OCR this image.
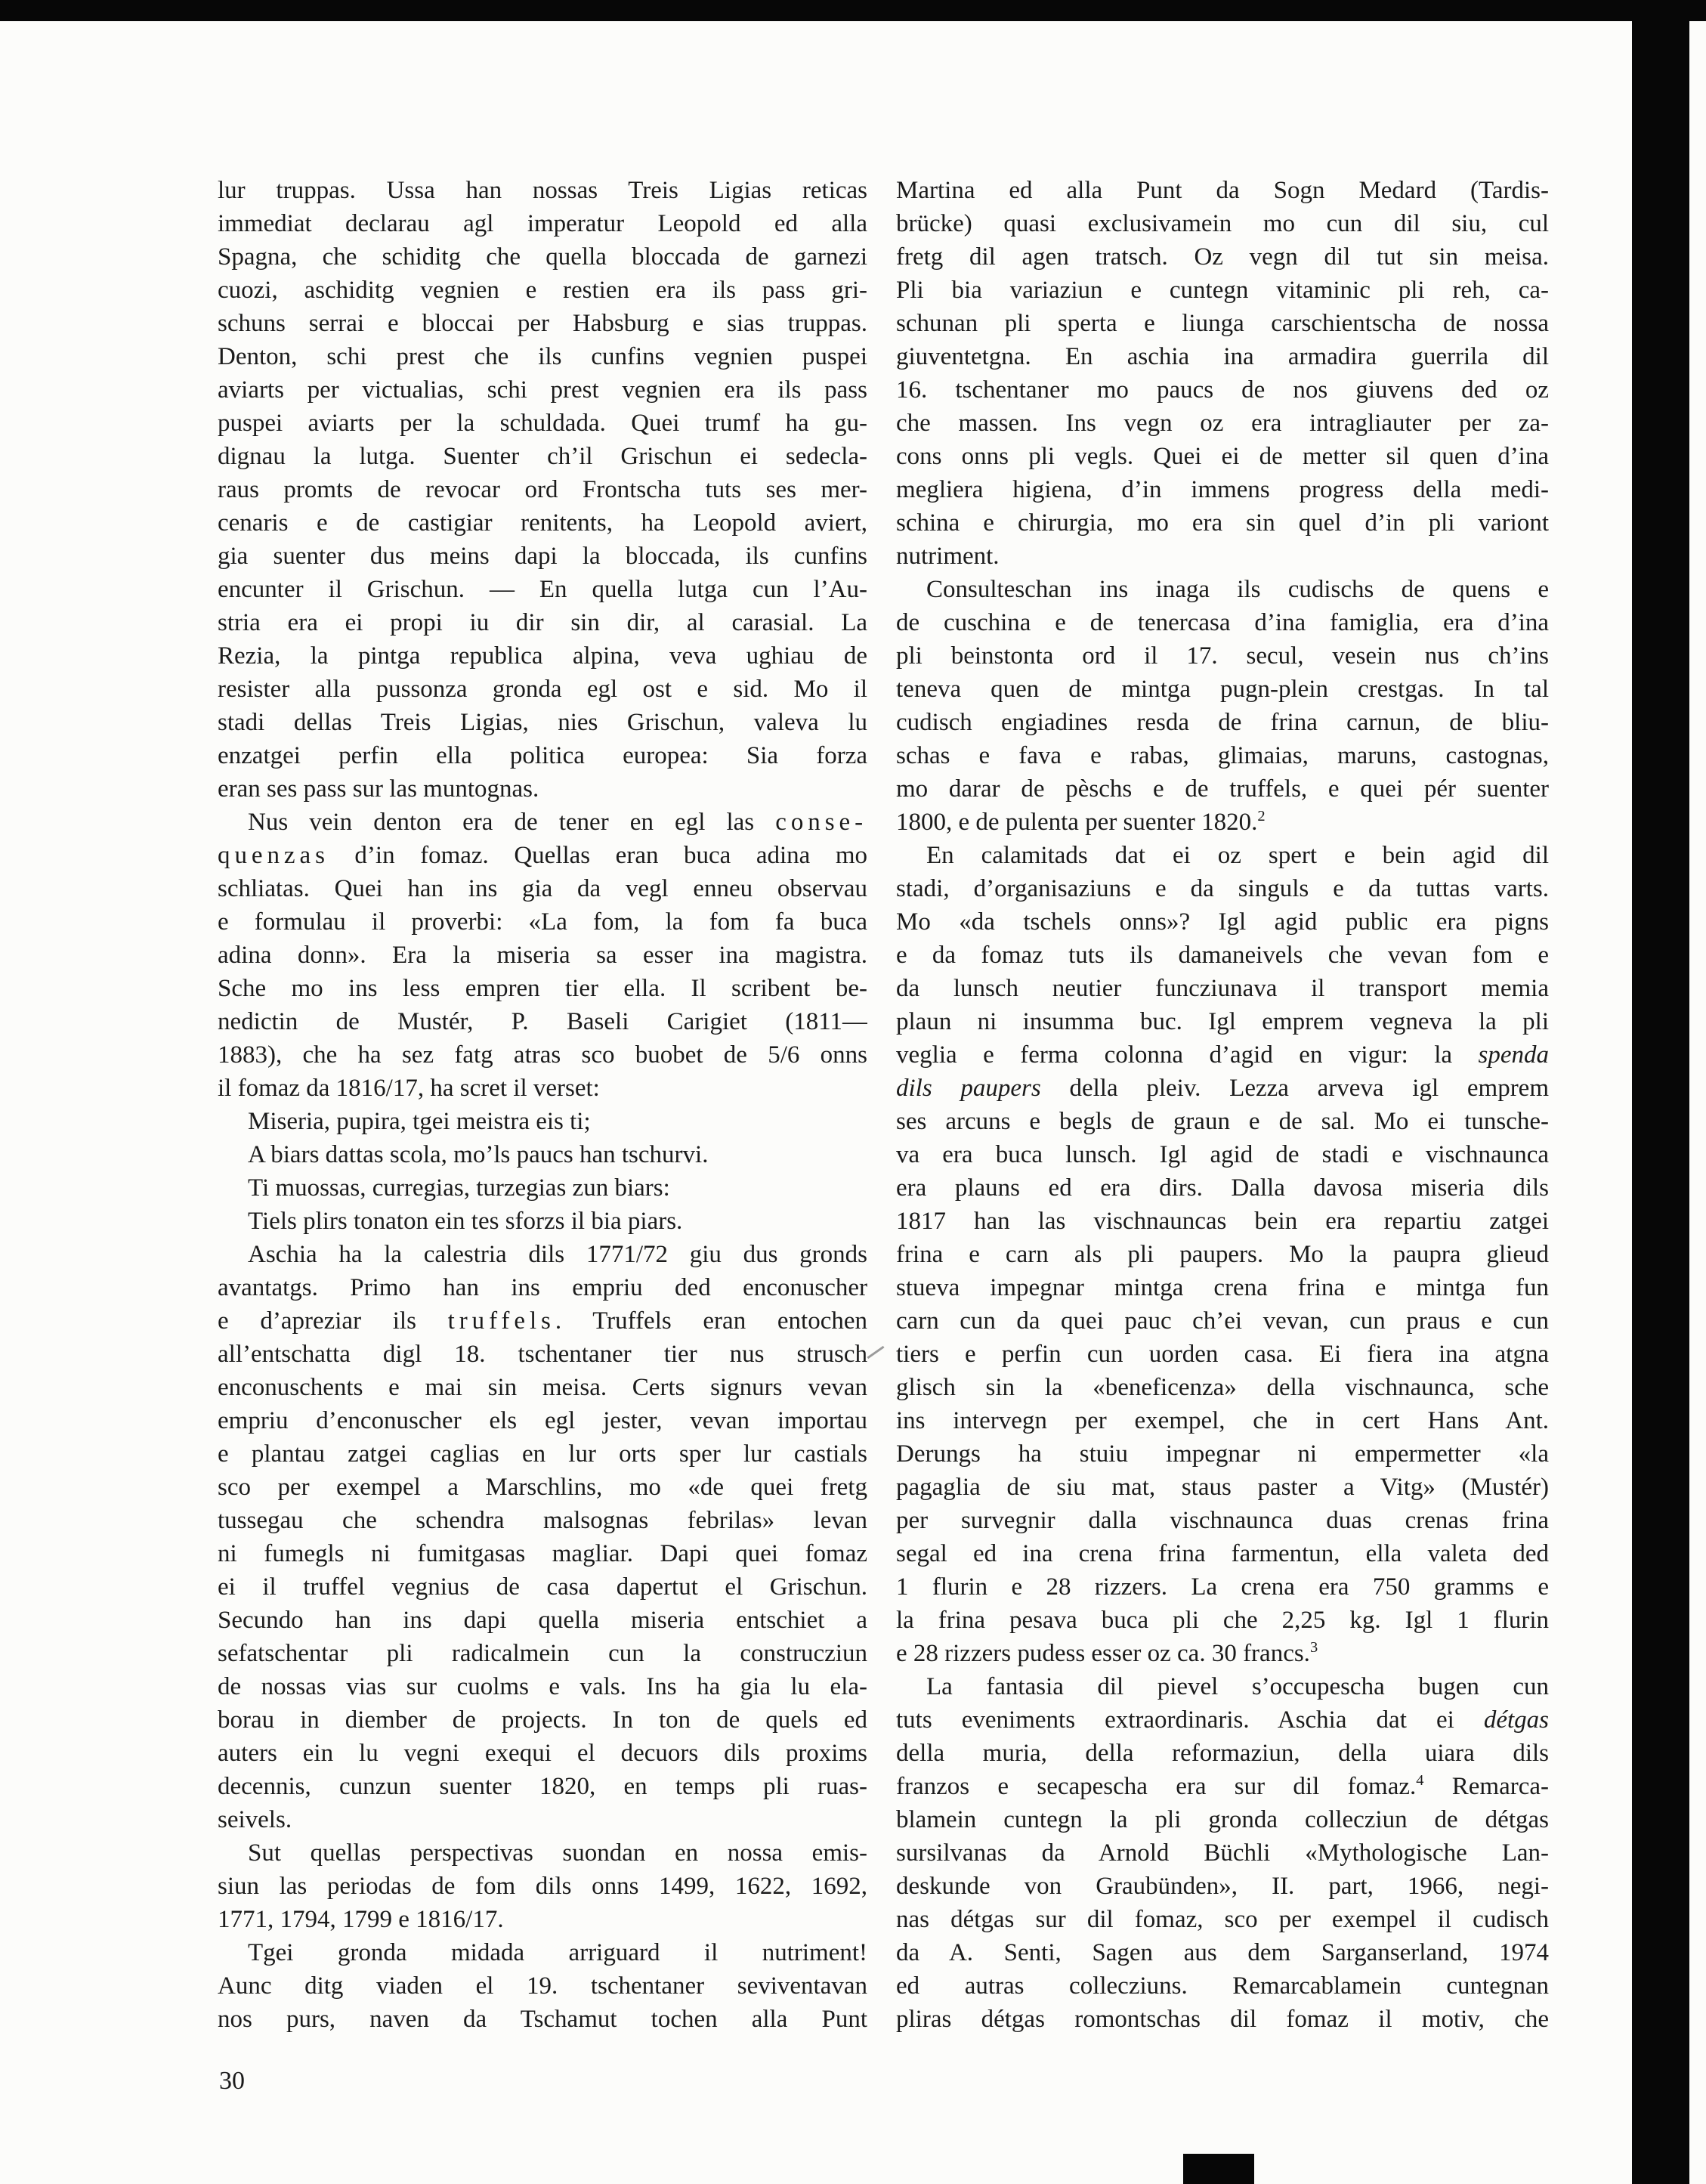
lur truppas. Ussa han nossas Treis Ligias reticas
immediat declarau agl imperatur Leopold ed alla
Spagna, che schiditg che quella bloccada de garnezi
cuozi, aschiditg vegnien e restien era ils pass gri-
schuns serrai e bloccai per Habsburg e sias truppas.
Denton, schi prest che ils cunfins vegnien puspei
aviarts per victualias, schi prest vegnien era ils pass
puspei aviarts per la schuldada. Quei trumf ha gu-
dignau la lutga. Suenter ch’il Grischun ei sedecla-
raus promts de revocar ord Frontscha tuts ses mer-
cenaris e de castigiar renitents, ha Leopold aviert,
gia suenter dus meins dapi la bloccada, ils cunfins
encunter il Grischun. — En quella lutga cun l’Au-
stria era ei propi iu dir sin dir, al carasial. La
Rezia, la pintga republica alpina, veva ughiau de
resister alla pussonza gronda egl ost e sid. Mo il
stadi dellas Treis Ligias, nies Grischun, valeva lu
enzatgei perfin ella politica europea: Sia forza
eran ses pass sur las muntognas.
Nus vein denton era de tener en egl las conse-
quenzas d’in fomaz. Quellas eran buca adina mo
schliatas. Quei han ins gia da vegl enneu observau
e formulau il proverbi: «La fom, la fom fa buca
adina donn». Era la miseria sa esser ina magistra.
Sche mo ins less empren tier ella. Il scribent be-
nedictin de Mustér, P. Baseli Carigiet (1811—
1883), che ha sez fatg atras sco buobet de 5/6 onns
il fomaz da 1816/17, ha scret il verset:
Miseria, pupira, tgei meistra eis ti;
A biars dattas scola, mo’ls paucs han tschurvi.
Ti muossas, curregias, turzegias zun biars:
Tiels plirs tonaton ein tes sforzs il bia piars.
Aschia ha la calestria dils 1771/72 giu dus gronds
avantatgs. Primo han ins empriu ded enconuscher
e d’apreziar ils truffels. Truffels eran entochen
all’entschatta digl 18. tschentaner tier nus strusch
enconuschents e mai sin meisa. Certs signurs vevan
empriu d’enconuscher els egl jester, vevan importau
e plantau zatgei caglias en lur orts sper lur castials
sco per exempel a Marschlins, mo «de quei fretg
tussegau che schendra malsognas febrilas» levan
ni fumegls ni fumitgasas magliar. Dapi quei fomaz
ei il truffel vegnius de casa dapertut el Grischun.
Secundo han ins dapi quella miseria entschiet a
sefatschentar pli radicalmein cun la construcziun
de nossas vias sur cuolms e vals. Ins ha gia lu ela-
borau in diember de projects. In ton de quels ed
auters ein lu vegni exequi el decuors dils proxims
decennis, cunzun suenter 1820, en temps pli ruas-
seivels.
Sut quellas perspectivas suondan en nossa emis-
siun las periodas de fom dils onns 1499, 1622, 1692,
1771, 1794, 1799 e 1816/17.
Tgei gronda midada arriguard il nutriment!
Aunc ditg viaden el 19. tschentaner seviventavan
nos purs, naven da Tschamut tochen alla Punt
Martina ed alla Punt da Sogn Medard (Tardis-
brücke) quasi exclusivamein mo cun dil siu, cul
fretg dil agen tratsch. Oz vegn dil tut sin meisa.
Pli bia variaziun e cuntegn vitaminic pli reh, ca-
schunan pli sperta e liunga carschientscha de nossa
giuventetgna. En aschia ina armadira guerrila dil
16. tschentaner mo paucs de nos giuvens ded oz
che massen. Ins vegn oz era intragliauter per za-
cons onns pli vegls. Quei ei de metter sil quen d’ina
megliera higiena, d’in immens progress della medi-
schina e chirurgia, mo era sin quel d’in pli variont
nutriment.
Consulteschan ins inaga ils cudischs de quens e
de cuschina e de tenercasa d’ina famiglia, era d’ina
pli beinstonta ord il 17. secul, vesein nus ch’ins
teneva quen de mintga pugn-plein crestgas. In tal
cudisch engiadines resda de frina carnun, de bliu-
schas e fava e rabas, glimaias, maruns, castognas,
mo darar de pèschs e de truffels, e quei pér suenter
1800, e de pulenta per suenter 1820.$^2$
En calamitads dat ei oz spert e bein agid dil
stadi, d’organisaziuns e da singuls e da tuttas varts.
Mo «da tschels onns»? Igl agid public era pigns
e da fomaz tuts ils damaneivels che vevan fom e
da lunsch neutier funcziunava il transport memia
plaun ni insumma buc. Igl emprem vegneva la pli
veglia e ferma colonna d’agid en vigur: la spenda
dils paupers della pleiv. Lezza arveva igl emprem
ses arcuns e begls de graun e de sal. Mo ei tunsche-
va era buca lunsch. Igl agid de stadi e vischnaunca
era plauns ed era dirs. Dalla davosa miseria dils
1817 han las vischnauncas bein era repartiu zatgei
frina e carn als pli paupers. Mo la paupra glieud
stueva impegnar mintga crena frina e mintga fun
carn cun da quei pauc ch’ei vevan, cun praus e cun
tiers e perfin cun uorden casa. Ei fiera ina atgna
glisch sin la «beneficenza» della vischnaunca, sche
ins intervegn per exempel, che in cert Hans Ant.
Derungs ha stuiu impegnar ni empermetter «la
pagaglia de siu mat, staus paster a Vitg» (Mustér)
per survegnir dalla vischnaunca duas crenas frina
segal ed ina crena frina farmentun, ella valeta ded
1 flurin e 28 rizzers. La crena era 750 gramms e
la frina pesava buca pli che 2,25 kg. Igl 1 flurin
e 28 rizzers pudess esser oz ca. 30 francs.$^3$
La fantasia dil pievel s’occupescha bugen cun
tuts eveniments extraordinaris. Aschia dat ei détgas
della muria, della reformaziun, della uiara dils
franzos e secapescha era sur dil fomaz.$^4$ Remarca-
blamein cuntegn la pli gronda collecziun de détgas
sursilvanas da Arnold Büchli «Mythologische Lan-
deskunde von Graubünden», II. part, 1966, negi-
nas détgas sur dil fomaz, sco per exempel il cudisch
da A. Senti, Sagen aus dem Sarganserland, 1974
ed autras collecziuns. Remarcablamein cuntegnan
pliras détgas romontschas dil fomaz il motiv, che
30
